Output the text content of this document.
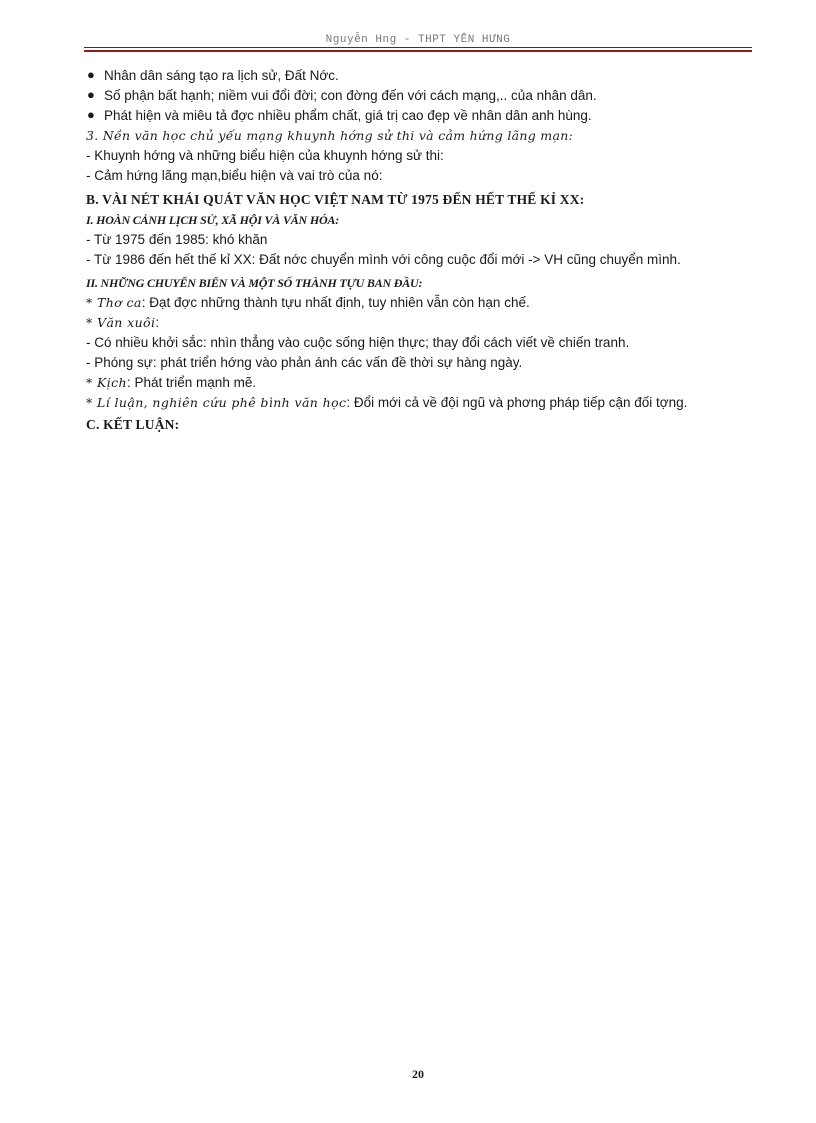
Nguyễn Hng - THPT YÊN HƯNG

● Nhân dân sáng tạo ra lịch sử, Đất Nớc.

● Số phận bất hạnh; niềm vui đổi đời; con đờng đến với cách mạng,.. của nhân dân.

● Phát hiện và miêu tả đợc nhiều phẩm chất, giá trị cao đẹp về nhân dân anh hùng.

3. Nền văn học chủ yếu mạng khuynh hớng sử thi và cảm hứng lãng mạn:

- Khuynh hớng và những biểu hiện của khuynh hớng sử thi:

- Cảm hứng lãng mạn,biểu hiện và vai trò của nó:

B. VÀI NÉT KHÁI QUÁT VĂN HỌC VIỆT NAM TỪ 1975 ĐẾN HẾT THẾ KỈ XX:

I. HOÀN CẢNH LỊCH SỬ, XÃ HỘI VÀ VĂN HÓA:

- Từ 1975 đến 1985: khó khăn

- Từ 1986 đến hết thế kỉ XX: Đất nớc chuyển mình với công cuộc đổi mới -> VH cũng chuyển mình.

II. NHỮNG CHUYỂN BIẾN VÀ MỘT SỐ THÀNH TỰU BAN ĐẦU:

* Thơ ca: Đạt đợc những thành tựu nhất định, tuy nhiên vẫn còn hạn chế.

* Văn xuôi:

- Có nhiều khởi sắc: nhìn thẳng vào cuộc sống hiện thực; thay đổi cách viết về chiến tranh.

- Phóng sự: phát triển hớng vào phản ánh các vấn đề thời sự hàng ngày.

* Kịch: Phát triển mạnh mẽ.

* Lí luận, nghiên cứu phê bình văn học: Đổi mới cả về đội ngũ và phơng pháp tiếp cận đối tợng.

C. KẾT LUẬN:

20
